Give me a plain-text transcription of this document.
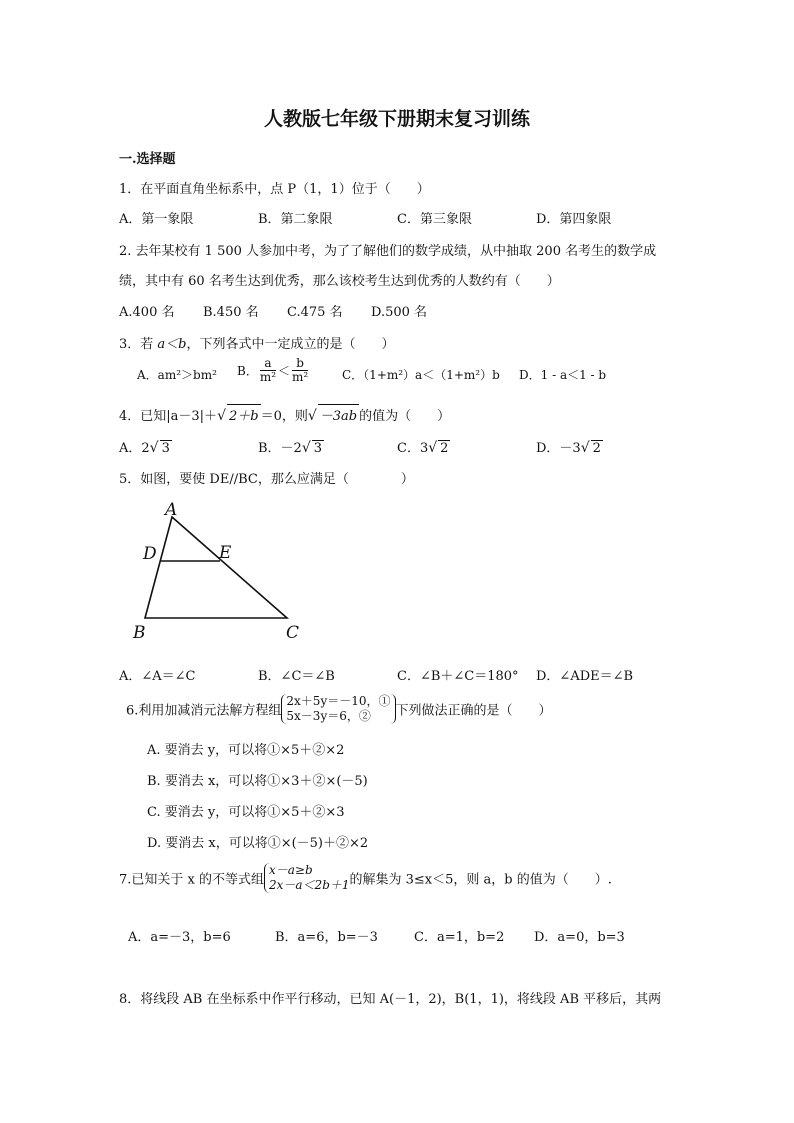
人教版七年级下册期末复习训练
一.选择题
1．在平面直角坐标系中，点 P（1，1）位于（　　）
A．第一象限	B．第二象限	C．第三象限	D．第四象限
2. 去年某校有 1 500 人参加中考，为了了解他们的数学成绩，从中抽取 200 名考生的数学成
绩，其中有 60 名考生达到优秀，那么该校考生达到优秀的人数约有（　　）
A.400 名 B.450 名 C.475 名 D.500 名
3．若 a＜b，下列各式中一定成立的是（　　）
A．am²＞bm² B． $\frac{a}{\text{m²}} < \frac{b}{\text{m²}}$	C．（1+m²）a＜（1+m²）b D．1 - a＜1 - b
4．已知|a－3|＋√ 2＋b ＝0，则√ －3ab 的值为（　　）
A．2√ 3	B．－2√ 3	C．3√ 2	D．－3√ 2
5．如图，要使 DE//BC，那么应满足（　　　　）
A
D	E
B	C
A．∠A＝∠C	B．∠C＝∠B	C．∠B＋∠C＝180° D．∠ADE＝∠B
6.利用加减消元法解方程组
2x＋5y＝－10，①
5x－3y＝6，②	下列做法正确的是（　　）
A. 要消去 y，可以将①×5＋②×2
B. 要消去 x，可以将①×3＋②×(－5)
C. 要消去 y，可以将①×5＋②×3
D. 要消去 x，可以将①×(－5)＋②×2
7.已知关于 x 的不等式组
x－a≥b
2x－a＜2b＋1 的解集为 3≤x＜5，则 a，b 的值为（　　）.
A．a=－3，b=6	B．a=6，b=－3	C．a=1，b=2 D．a=0，b=3
8．将线段 AB 在坐标系中作平行移动，已知 A(－1，2)，B(1，1)，将线段 AB 平移后，其两
